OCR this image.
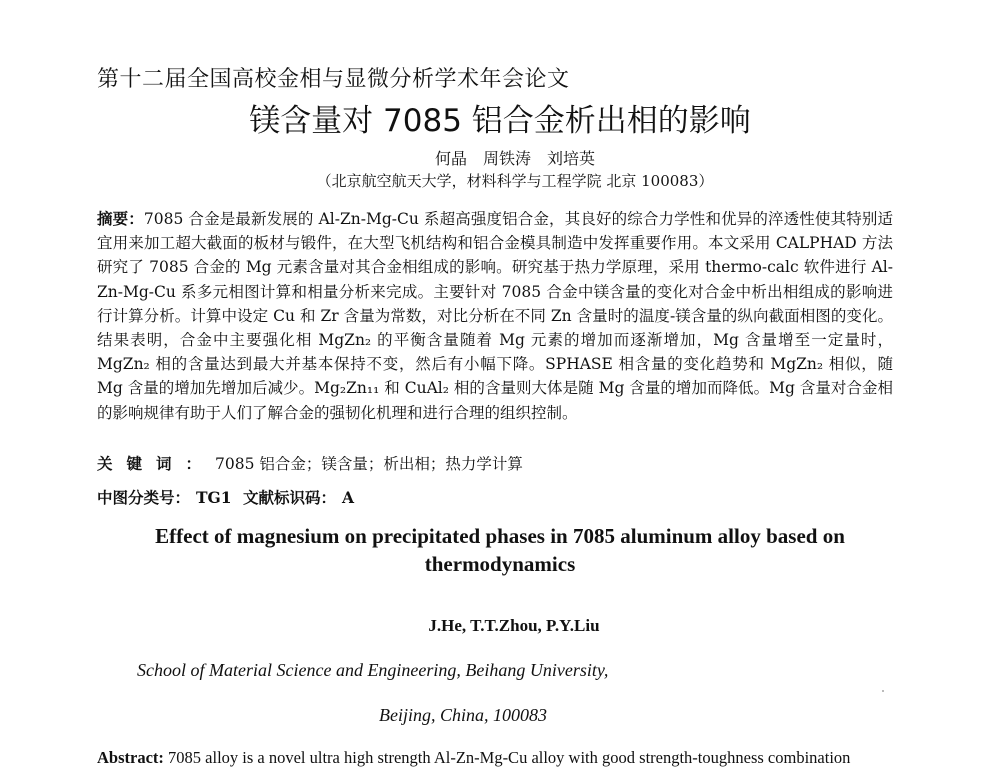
第十二届全国高校金相与显微分析学术年会论文
镁含量对 7085 铝合金析出相的影响
何晶　周铁涛　刘培英
（北京航空航天大学，材料科学与工程学院 北京 100083）
摘要：7085 合金是最新发展的 Al-Zn-Mg-Cu 系超高强度铝合金，其良好的综合力学性和优异的淬透性使其特别适宜用来加工超大截面的板材与锻件，在大型飞机结构和铝合金模具制造中发挥重要作用。本文采用 CALPHAD 方法研究了 7085 合金的 Mg 元素含量对其合金相组成的影响。研究基于热力学原理，采用 thermo-calc 软件进行 Al-Zn-Mg-Cu 系多元相图计算和相量分析来完成。主要针对 7085 合金中镁含量的变化对合金中析出相组成的影响进行计算分析。计算中设定 Cu 和 Zr 含量为常数，对比分析在不同 Zn 含量时的温度-镁含量的纵向截面相图的变化。结果表明，合金中主要强化相 MgZn₂ 的平衡含量随着 Mg 元素的增加而逐渐增加，Mg 含量增至一定量时， MgZn₂ 相的含量达到最大并基本保持不变，然后有小幅下降。SPHASE 相含量的变化趋势和 MgZn₂ 相似，随 Mg 含量的增加先增加后减少。Mg₂Zn₁₁ 和 CuAl₂ 相的含量则大体是随 Mg 含量的增加而降低。Mg 含量对合金相的影响规律有助于人们了解合金的强韧化机理和进行合理的组织控制。
关键词：7085 铝合金；镁含量；析出相；热力学计算
中图分类号： TG1 文献标识码： A
Effect of magnesium on precipitated phases in 7085 aluminum alloy based on thermodynamics
J.He, T.T.Zhou, P.Y.Liu
School of Material Science and Engineering, Beihang University,
Beijing, China, 100083
Abstract: 7085 alloy is a novel ultra high strength Al-Zn-Mg-Cu alloy with good strength-toughness combination
